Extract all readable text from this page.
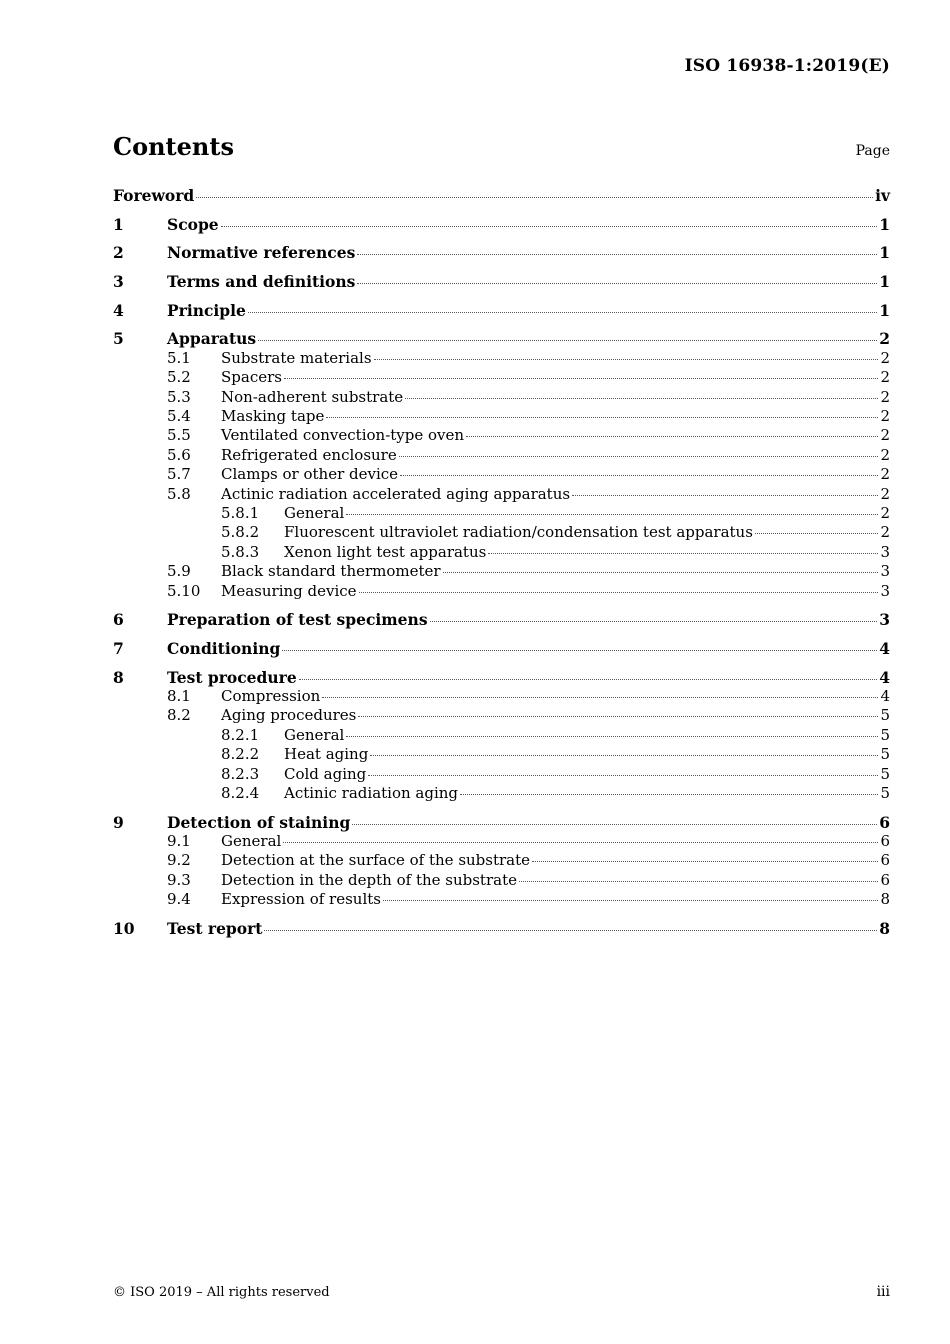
ISO 16938-1:2019(E)
Contents	Page
Foreword	iv
1	Scope	1
2	Normative references	1
3	Terms and definitions	1
4	Principle	1
5	Apparatus	2
5.1	Substrate materials	2
5.2	Spacers	2
5.3	Non-adherent substrate	2
5.4	Masking tape	2
5.5	Ventilated convection-type oven	2
5.6	Refrigerated enclosure	2
5.7	Clamps or other device	2
5.8	Actinic radiation accelerated aging apparatus	2
5.8.1	General	2
5.8.2	Fluorescent ultraviolet radiation/condensation test apparatus	2
5.8.3	Xenon light test apparatus	3
5.9	Black standard thermometer	3
5.10	Measuring device	3
6	Preparation of test specimens	3
7	Conditioning	4
8	Test procedure	4
8.1	Compression	4
8.2	Aging procedures	5
8.2.1	General	5
8.2.2	Heat aging	5
8.2.3	Cold aging	5
8.2.4	Actinic radiation aging	5
9	Detection of staining	6
9.1	General	6
9.2	Detection at the surface of the substrate	6
9.3	Detection in the depth of the substrate	6
9.4	Expression of results	8
10	Test report	8
© ISO 2019 – All rights reserved	iii
